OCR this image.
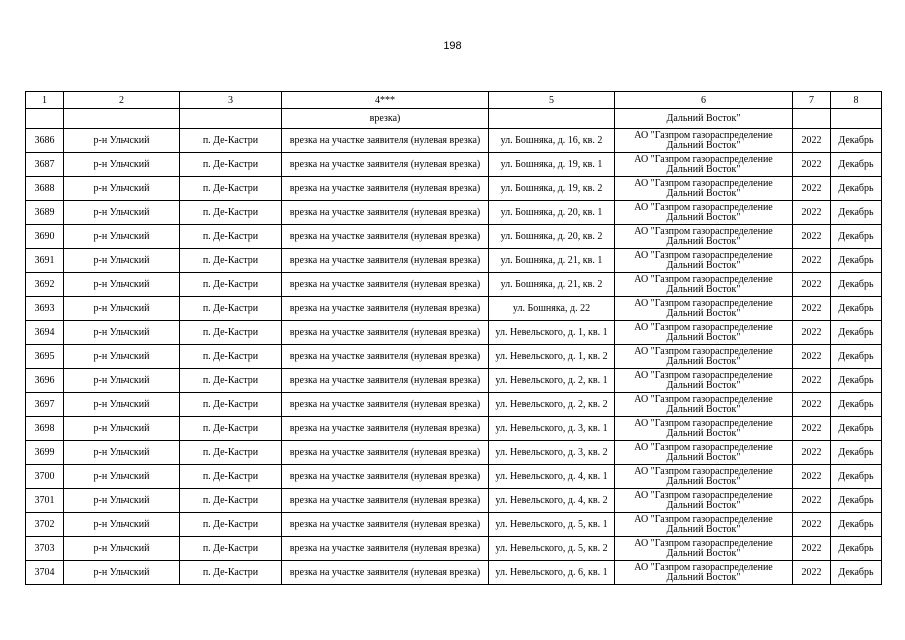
198
1	2	3	4***	5	6	7	8
			врезка)		Дальний Восток"		
3686	р-н Ульчский	п. Де-Кастри	врезка на участке заявителя (нулевая врезка)	ул. Бошняка, д. 16, кв. 2	АО "Газпром газораспределение Дальний Восток"	2022	Декабрь
3687	р-н Ульчский	п. Де-Кастри	врезка на участке заявителя (нулевая врезка)	ул. Бошняка, д. 19, кв. 1	АО "Газпром газораспределение Дальний Восток"	2022	Декабрь
3688	р-н Ульчский	п. Де-Кастри	врезка на участке заявителя (нулевая врезка)	ул. Бошняка, д. 19, кв. 2	АО "Газпром газораспределение Дальний Восток"	2022	Декабрь
3689	р-н Ульчский	п. Де-Кастри	врезка на участке заявителя (нулевая врезка)	ул. Бошняка, д. 20, кв. 1	АО "Газпром газораспределение Дальний Восток"	2022	Декабрь
3690	р-н Ульчский	п. Де-Кастри	врезка на участке заявителя (нулевая врезка)	ул. Бошняка, д. 20, кв. 2	АО "Газпром газораспределение Дальний Восток"	2022	Декабрь
3691	р-н Ульчский	п. Де-Кастри	врезка на участке заявителя (нулевая врезка)	ул. Бошняка, д. 21, кв. 1	АО "Газпром газораспределение Дальний Восток"	2022	Декабрь
3692	р-н Ульчский	п. Де-Кастри	врезка на участке заявителя (нулевая врезка)	ул. Бошняка, д. 21, кв. 2	АО "Газпром газораспределение Дальний Восток"	2022	Декабрь
3693	р-н Ульчский	п. Де-Кастри	врезка на участке заявителя (нулевая врезка)	ул. Бошняка, д. 22	АО "Газпром газораспределение Дальний Восток"	2022	Декабрь
3694	р-н Ульчский	п. Де-Кастри	врезка на участке заявителя (нулевая врезка)	ул. Невельского, д. 1, кв. 1	АО "Газпром газораспределение Дальний Восток"	2022	Декабрь
3695	р-н Ульчский	п. Де-Кастри	врезка на участке заявителя (нулевая врезка)	ул. Невельского, д. 1, кв. 2	АО "Газпром газораспределение Дальний Восток"	2022	Декабрь
3696	р-н Ульчский	п. Де-Кастри	врезка на участке заявителя (нулевая врезка)	ул. Невельского, д. 2, кв. 1	АО "Газпром газораспределение Дальний Восток"	2022	Декабрь
3697	р-н Ульчский	п. Де-Кастри	врезка на участке заявителя (нулевая врезка)	ул. Невельского, д. 2, кв. 2	АО "Газпром газораспределение Дальний Восток"	2022	Декабрь
3698	р-н Ульчский	п. Де-Кастри	врезка на участке заявителя (нулевая врезка)	ул. Невельского, д. 3, кв. 1	АО "Газпром газораспределение Дальний Восток"	2022	Декабрь
3699	р-н Ульчский	п. Де-Кастри	врезка на участке заявителя (нулевая врезка)	ул. Невельского, д. 3, кв. 2	АО "Газпром газораспределение Дальний Восток"	2022	Декабрь
3700	р-н Ульчский	п. Де-Кастри	врезка на участке заявителя (нулевая врезка)	ул. Невельского, д. 4, кв. 1	АО "Газпром газораспределение Дальний Восток"	2022	Декабрь
3701	р-н Ульчский	п. Де-Кастри	врезка на участке заявителя (нулевая врезка)	ул. Невельского, д. 4, кв. 2	АО "Газпром газораспределение Дальний Восток"	2022	Декабрь
3702	р-н Ульчский	п. Де-Кастри	врезка на участке заявителя (нулевая врезка)	ул. Невельского, д. 5, кв. 1	АО "Газпром газораспределение Дальний Восток"	2022	Декабрь
3703	р-н Ульчский	п. Де-Кастри	врезка на участке заявителя (нулевая врезка)	ул. Невельского, д. 5, кв. 2	АО "Газпром газораспределение Дальний Восток"	2022	Декабрь
3704	р-н Ульчский	п. Де-Кастри	врезка на участке заявителя (нулевая врезка)	ул. Невельского, д. 6, кв. 1	АО "Газпром газораспределение Дальний Восток"	2022	Декабрь
